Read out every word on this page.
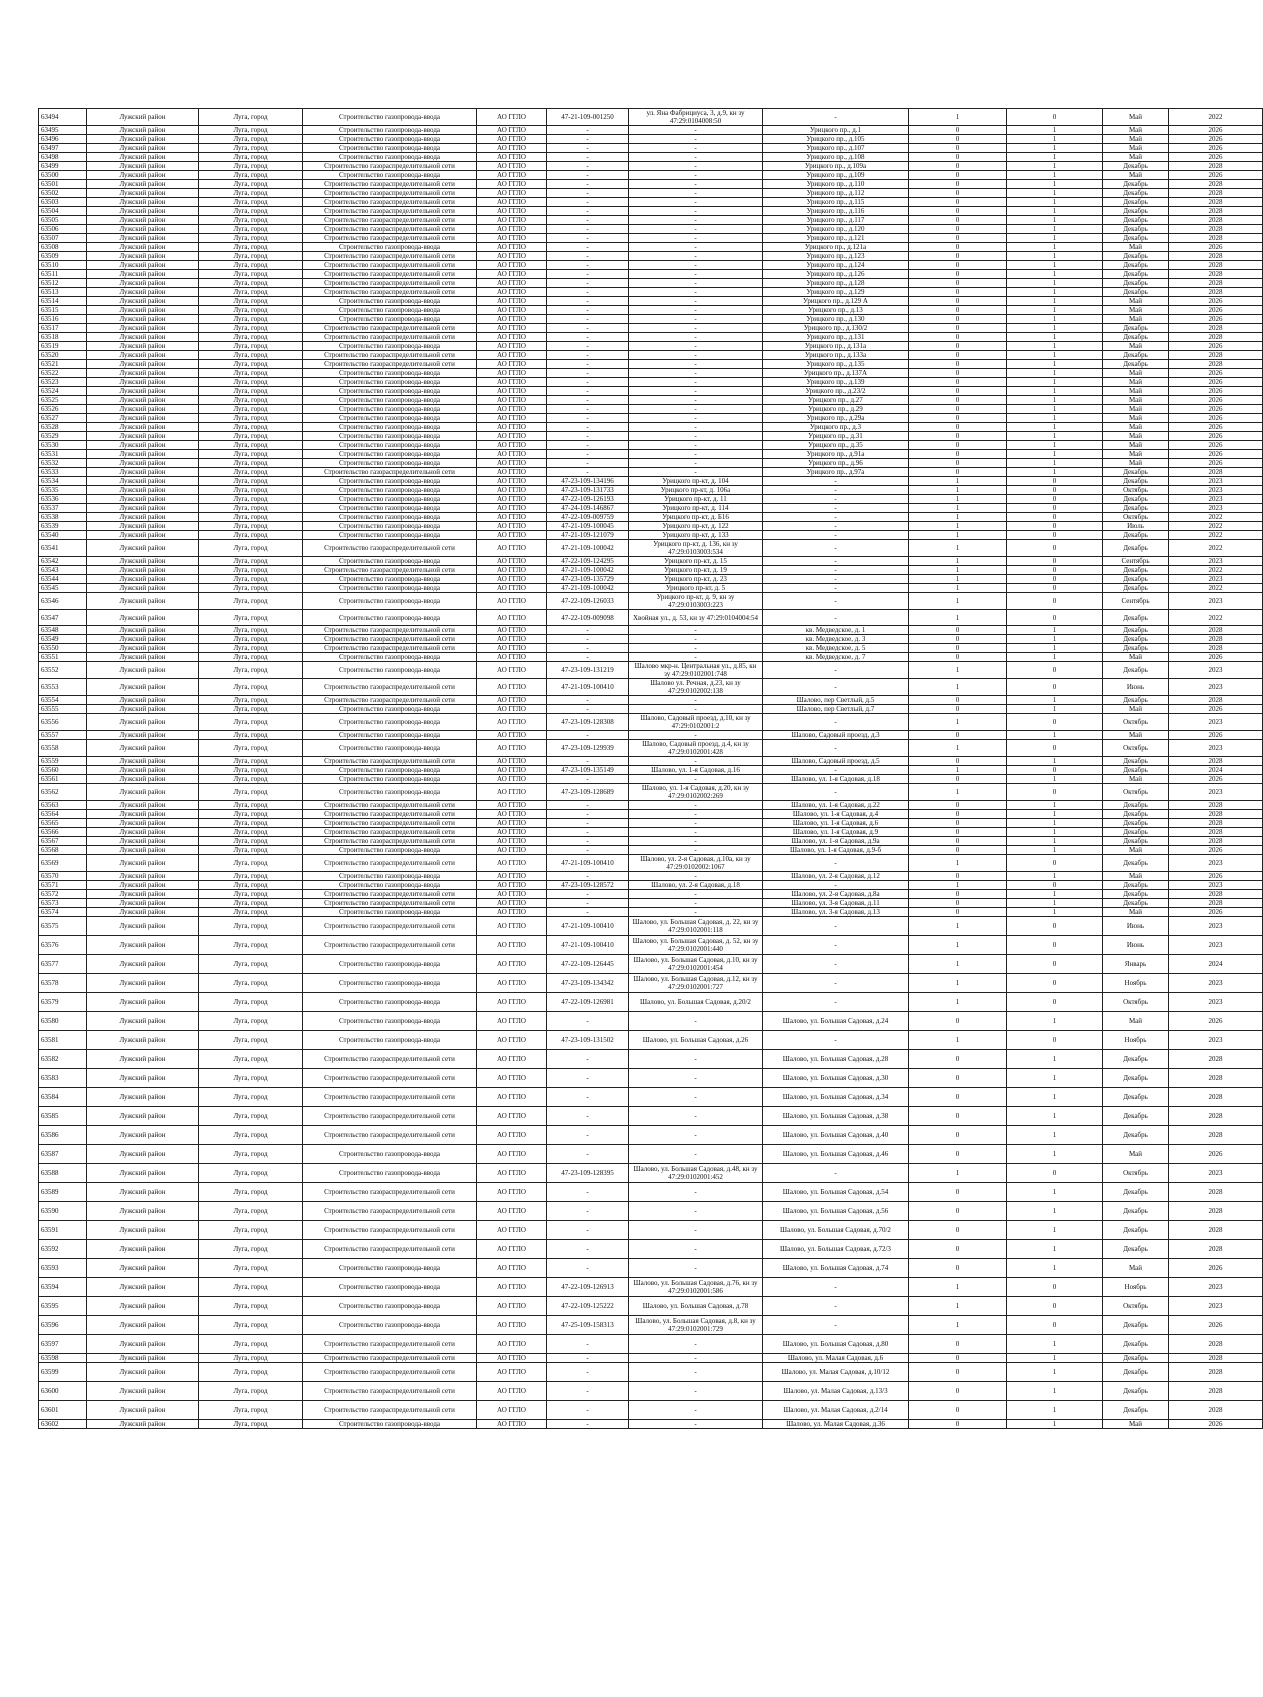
63494	Лужский район	Луга, город	Строительство газопровода-ввода	АО ГГЛО	47-21-109-001250	ул. Яна Фабрициуса, 3, д.9, кн зу 47:29:0104008:50	-	1	0	Май	2022
63495	Лужский район	Луга, город	Строительство газопровода-ввода	АО ГГЛО	-	-	Урицкого пр., д.1	0	1	Май	2026
63496	Лужский район	Луга, город	Строительство газопровода-ввода	АО ГГЛО	-	-	Урицкого пр., д.105	0	1	Май	2026
63497	Лужский район	Луга, город	Строительство газопровода-ввода	АО ГГЛО	-	-	Урицкого пр., д.107	0	1	Май	2026
63498	Лужский район	Луга, город	Строительство газопровода-ввода	АО ГГЛО	-	-	Урицкого пр., д.108	0	1	Май	2026
63499	Лужский район	Луга, город	Строительство газораспределительной сети	АО ГГЛО	-	-	Урицкого пр., д.109а	0	1	Декабрь	2028
63500	Лужский район	Луга, город	Строительство газопровода-ввода	АО ГГЛО	-	-	Урицкого пр., д.109	0	1	Май	2026
63501	Лужский район	Луга, город	Строительство газораспределительной сети	АО ГГЛО	-	-	Урицкого пр., д.110	0	1	Декабрь	2028
63502	Лужский район	Луга, город	Строительство газораспределительной сети	АО ГГЛО	-	-	Урицкого пр., д.112	0	1	Декабрь	2028
63503	Лужский район	Луга, город	Строительство газораспределительной сети	АО ГГЛО	-	-	Урицкого пр., д.115	0	1	Декабрь	2028
63504	Лужский район	Луга, город	Строительство газораспределительной сети	АО ГГЛО	-	-	Урицкого пр., д.116	0	1	Декабрь	2028
63505	Лужский район	Луга, город	Строительство газораспределительной сети	АО ГГЛО	-	-	Урицкого пр., д.117	0	1	Декабрь	2028
63506	Лужский район	Луга, город	Строительство газораспределительной сети	АО ГГЛО	-	-	Урицкого пр., д.120	0	1	Декабрь	2028
63507	Лужский район	Луга, город	Строительство газораспределительной сети	АО ГГЛО	-	-	Урицкого пр., д.121	0	1	Декабрь	2028
63508	Лужский район	Луга, город	Строительство газопровода-ввода	АО ГГЛО	-	-	Урицкого пр., д.121а	0	1	Май	2026
63509	Лужский район	Луга, город	Строительство газораспределительной сети	АО ГГЛО	-	-	Урицкого пр., д.123	0	1	Декабрь	2028
63510	Лужский район	Луга, город	Строительство газораспределительной сети	АО ГГЛО	-	-	Урицкого пр., д.124	0	1	Декабрь	2028
63511	Лужский район	Луга, город	Строительство газораспределительной сети	АО ГГЛО	-	-	Урицкого пр., д.126	0	1	Декабрь	2028
63512	Лужский район	Луга, город	Строительство газораспределительной сети	АО ГГЛО	-	-	Урицкого пр., д.128	0	1	Декабрь	2028
63513	Лужский район	Луга, город	Строительство газораспределительной сети	АО ГГЛО	-	-	Урицкого пр., д.129	0	1	Декабрь	2028
63514	Лужский район	Луга, город	Строительство газопровода-ввода	АО ГГЛО	-	-	Урицкого пр., д.129 А	0	1	Май	2026
63515	Лужский район	Луга, город	Строительство газопровода-ввода	АО ГГЛО	-	-	Урицкого пр., д.13	0	1	Май	2026
63516	Лужский район	Луга, город	Строительство газопровода-ввода	АО ГГЛО	-	-	Урицкого пр., д.130	0	1	Май	2026
63517	Лужский район	Луга, город	Строительство газораспределительной сети	АО ГГЛО	-	-	Урицкого пр., д.130/2	0	1	Декабрь	2028
63518	Лужский район	Луга, город	Строительство газораспределительной сети	АО ГГЛО	-	-	Урицкого пр., д.131	0	1	Декабрь	2028
63519	Лужский район	Луга, город	Строительство газопровода-ввода	АО ГГЛО	-	-	Урицкого пр., д.131а	0	1	Май	2026
63520	Лужский район	Луга, город	Строительство газораспределительной сети	АО ГГЛО	-	-	Урицкого пр., д.133а	0	1	Декабрь	2028
63521	Лужский район	Луга, город	Строительство газораспределительной сети	АО ГГЛО	-	-	Урицкого пр., д.135	0	1	Декабрь	2028
63522	Лужский район	Луга, город	Строительство газопровода-ввода	АО ГГЛО	-	-	Урицкого пр., д.137А	0	1	Май	2026
63523	Лужский район	Луга, город	Строительство газопровода-ввода	АО ГГЛО	-	-	Урицкого пр., д.139	0	1	Май	2026
63524	Лужский район	Луга, город	Строительство газопровода-ввода	АО ГГЛО	-	-	Урицкого пр., д.23/2	0	1	Май	2026
63525	Лужский район	Луга, город	Строительство газопровода-ввода	АО ГГЛО	-	-	Урицкого пр., д.27	0	1	Май	2026
63526	Лужский район	Луга, город	Строительство газопровода-ввода	АО ГГЛО	-	-	Урицкого пр., д.29	0	1	Май	2026
63527	Лужский район	Луга, город	Строительство газопровода-ввода	АО ГГЛО	-	-	Урицкого пр., д.29а	0	1	Май	2026
63528	Лужский район	Луга, город	Строительство газопровода-ввода	АО ГГЛО	-	-	Урицкого пр., д.3	0	1	Май	2026
63529	Лужский район	Луга, город	Строительство газопровода-ввода	АО ГГЛО	-	-	Урицкого пр., д.31	0	1	Май	2026
63530	Лужский район	Луга, город	Строительство газопровода-ввода	АО ГГЛО	-	-	Урицкого пр., д.35	0	1	Май	2026
63531	Лужский район	Луга, город	Строительство газопровода-ввода	АО ГГЛО	-	-	Урицкого пр., д.91а	0	1	Май	2026
63532	Лужский район	Луга, город	Строительство газопровода-ввода	АО ГГЛО	-	-	Урицкого пр., д.96	0	1	Май	2026
63533	Лужский район	Луга, город	Строительство газораспределительной сети	АО ГГЛО	-	-	Урицкого пр., д.97а	0	1	Декабрь	2028
63534	Лужский район	Луга, город	Строительство газопровода-ввода	АО ГГЛО	47-23-109-134196	Урицкого пр-кт, д. 104	-	1	0	Декабрь	2023
63535	Лужский район	Луга, город	Строительство газопровода-ввода	АО ГГЛО	47-23-109-131733	Урицкого пр-кт, д. 106а	-	1	0	Октябрь	2023
63536	Лужский район	Луга, город	Строительство газопровода-ввода	АО ГГЛО	47-22-109-126193	Урицкого пр-кт, д. 11	-	1	0	Декабрь	2023
63537	Лужский район	Луга, город	Строительство газопровода-ввода	АО ГГЛО	47-24-109-146867	Урицкого пр-кт, д. 114	-	1	0	Декабрь	2023
63538	Лужский район	Луга, город	Строительство газопровода-ввода	АО ГГЛО	47-22-109-009759	Урицкого пр-кт, д. Б16	-	1	0	Октябрь	2022
63539	Лужский район	Луга, город	Строительство газопровода-ввода	АО ГГЛО	47-21-109-100045	Урицкого пр-кт, д. 122	-	1	0	Июль	2022
63540	Лужский район	Луга, город	Строительство газопровода-ввода	АО ГГЛО	47-21-109-121079	Урицкого пр-кт, д. 133	-	1	0	Декабрь	2022
63541	Лужский район	Луга, город	Строительство газораспределительной сети	АО ГГЛО	47-21-109-100042	Урицкого пр-кт, д. 136, кн зу 47:29:0103003:534	-	1	0	Декабрь	2022
63542	Лужский район	Луга, город	Строительство газопровода-ввода	АО ГГЛО	47-22-109-124295	Урицкого пр-кт, д. 15	-	1	0	Сентябрь	2023
63543	Лужский район	Луга, город	Строительство газораспределительной сети	АО ГГЛО	47-21-109-100042	Урицкого пр-кт, д. 19	-	1	0	Декабрь	2022
63544	Лужский район	Луга, город	Строительство газопровода-ввода	АО ГГЛО	47-23-109-135729	Урицкого пр-кт, д. 23	-	1	0	Декабрь	2023
63545	Лужский район	Луга, город	Строительство газопровода-ввода	АО ГГЛО	47-21-109-100042	Урицкого пр-кт, д. 5	-	1	0	Декабрь	2022
63546	Лужский район	Луга, город	Строительство газопровода-ввода	АО ГГЛО	47-22-109-126033	Урицкого пр-кт, д. 9, кн зу 47:29:0103003:223	-	1	0	Сентябрь	2023
63547	Лужский район	Луга, город	Строительство газопровода-ввода	АО ГГЛО	47-22-109-009098	Хвойная ул., д. 53, кн зу 47:29:0104004:54	-	1	0	Декабрь	2022
63548	Лужский район	Луга, город	Строительство газораспределительной сети	АО ГГЛО	-	-	кв. Медведское, д. 1	0	1	Декабрь	2028
63549	Лужский район	Луга, город	Строительство газораспределительной сети	АО ГГЛО	-	-	кв. Медведское, д. 3	0	1	Декабрь	2028
63550	Лужский район	Луга, город	Строительство газораспределительной сети	АО ГГЛО	-	-	кв. Медведское, д. 5	0	1	Декабрь	2028
63551	Лужский район	Луга, город	Строительство газопровода-ввода	АО ГГЛО	-	-	кв. Медведское, д. 7	0	1	Май	2026
63552	Лужский район	Луга, город	Строительство газопровода-ввода	АО ГГЛО	47-23-109-131219	Шалово мкр-н. Центральная ул., д.85, кн зу 47:29:0102001:748	-	1	0	Декабрь	2023
63553	Лужский район	Луга, город	Строительство газораспределительной сети	АО ГГЛО	47-21-109-100410	Шалово ул. Речная, д.23, кн зу 47:29:0102002:138	-	1	0	Июнь	2023
63554	Лужский район	Луга, город	Строительство газораспределительной сети	АО ГГЛО	-	-	Шалово, пер Светлый, д.5	0	1	Декабрь	2028
63555	Лужский район	Луга, город	Строительство газопровода-ввода	АО ГГЛО	-	-	Шалово, пер Светлый, д.7	0	1	Май	2026
63556	Лужский район	Луга, город	Строительство газопровода-ввода	АО ГГЛО	47-23-109-128308	Шалово, Садовый проезд, д.10, кн зу 47:29:0102001:2	-	1	0	Октябрь	2023
63557	Лужский район	Луга, город	Строительство газопровода-ввода	АО ГГЛО	-	-	Шалово, Садовый проезд, д.3	0	1	Май	2026
63558	Лужский район	Луга, город	Строительство газопровода-ввода	АО ГГЛО	47-23-109-129939	Шалово, Садовый проезд, д.4, кн зу 47:29:0102001:428	-	1	0	Октябрь	2023
63559	Лужский район	Луга, город	Строительство газораспределительной сети	АО ГГЛО	-	-	Шалово, Садовый проезд, д.5	0	1	Декабрь	2028
63560	Лужский район	Луга, город	Строительство газопровода-ввода	АО ГГЛО	47-23-109-135149	Шалово, ул. 1-я Садовая, д.16	-	1	0	Декабрь	2024
63561	Лужский район	Луга, город	Строительство газопровода-ввода	АО ГГЛО	-	-	Шалово, ул. 1-я Садовая, д.18	0	1	Май	2026
63562	Лужский район	Луга, город	Строительство газопровода-ввода	АО ГГЛО	47-23-109-128689	Шалово, ул. 1-я Садовая, д.20, кн зу 47:29:0102002:269	-	1	0	Октябрь	2023
63563	Лужский район	Луга, город	Строительство газораспределительной сети	АО ГГЛО	-	-	Шалово, ул. 1-я Садовая, д.22	0	1	Декабрь	2028
63564	Лужский район	Луга, город	Строительство газораспределительной сети	АО ГГЛО	-	-	Шалово, ул. 1-я Садовая, д.4	0	1	Декабрь	2028
63565	Лужский район	Луга, город	Строительство газораспределительной сети	АО ГГЛО	-	-	Шалово, ул. 1-я Садовая, д.6	0	1	Декабрь	2028
63566	Лужский район	Луга, город	Строительство газораспределительной сети	АО ГГЛО	-	-	Шалово, ул. 1-я Садовая, д.9	0	1	Декабрь	2028
63567	Лужский район	Луга, город	Строительство газораспределительной сети	АО ГГЛО	-	-	Шалово, ул. 1-я Садовая, д.9а	0	1	Декабрь	2028
63568	Лужский район	Луга, город	Строительство газопровода-ввода	АО ГГЛО	-	-	Шалово, ул. 1-я Садовая, д.9-б	0	1	Май	2026
63569	Лужский район	Луга, город	Строительство газораспределительной сети	АО ГГЛО	47-21-109-100410	Шалово, ул. 2-я Садовая, д.10а, кн зу 47:29:0102002:1067	-	1	0	Декабрь	2023
63570	Лужский район	Луга, город	Строительство газопровода-ввода	АО ГГЛО	-	-	Шалово, ул. 2-я Садовая, д.12	0	1	Май	2026
63571	Лужский район	Луга, город	Строительство газопровода-ввода	АО ГГЛО	47-23-109-128572	Шалово, ул. 2-я Садовая, д.18	-	1	0	Декабрь	2023
63572	Лужский район	Луга, город	Строительство газораспределительной сети	АО ГГЛО	-	-	Шалово, ул. 2-я Садовая, д.8а	0	1	Декабрь	2028
63573	Лужский район	Луга, город	Строительство газораспределительной сети	АО ГГЛО	-	-	Шалово, ул. 3-я Садовая, д.11	0	1	Декабрь	2028
63574	Лужский район	Луга, город	Строительство газопровода-ввода	АО ГГЛО	-	-	Шалово, ул. 3-я Садовая, д.13	0	1	Май	2026
63575	Лужский район	Луга, город	Строительство газораспределительной сети	АО ГГЛО	47-21-109-100410	Шалово, ул. Большая Садовая, д. 22, кн зу 47:29:0102001:118	-	1	0	Июнь	2023
63576	Лужский район	Луга, город	Строительство газораспределительной сети	АО ГГЛО	47-21-109-100410	Шалово, ул. Большая Садовая, д. 52, кн зу 47:29:0102001:440	-	1	0	Июнь	2023
63577	Лужский район	Луга, город	Строительство газопровода-ввода	АО ГГЛО	47-22-109-126445	Шалово, ул. Большая Садовая, д.10, кн зу 47:29:0102001:454	-	1	0	Январь	2024
63578	Лужский район	Луга, город	Строительство газопровода-ввода	АО ГГЛО	47-23-109-134342	Шалово, ул. Большая Садовая, д.12, кн зу 47:29:0102001:727	-	1	0	Ноябрь	2023
63579	Лужский район	Луга, город	Строительство газопровода-ввода	АО ГГЛО	47-22-109-126981	Шалово, ул. Большая Садовая, д.20/2	-	1	0	Октябрь	2023
63580	Лужский район	Луга, город	Строительство газопровода-ввода	АО ГГЛО	-	-	Шалово, ул. Большая Садовая, д.24	0	1	Май	2026
63581	Лужский район	Луга, город	Строительство газопровода-ввода	АО ГГЛО	47-23-109-131502	Шалово, ул. Большая Садовая, д.26	-	1	0	Ноябрь	2023
63582	Лужский район	Луга, город	Строительство газораспределительной сети	АО ГГЛО	-	-	Шалово, ул. Большая Садовая, д.28	0	1	Декабрь	2028
63583	Лужский район	Луга, город	Строительство газораспределительной сети	АО ГГЛО	-	-	Шалово, ул. Большая Садовая, д.30	0	1	Декабрь	2028
63584	Лужский район	Луга, город	Строительство газораспределительной сети	АО ГГЛО	-	-	Шалово, ул. Большая Садовая, д.34	0	1	Декабрь	2028
63585	Лужский район	Луга, город	Строительство газораспределительной сети	АО ГГЛО	-	-	Шалово, ул. Большая Садовая, д.38	0	1	Декабрь	2028
63586	Лужский район	Луга, город	Строительство газораспределительной сети	АО ГГЛО	-	-	Шалово, ул. Большая Садовая, д.40	0	1	Декабрь	2028
63587	Лужский район	Луга, город	Строительство газопровода-ввода	АО ГГЛО	-	-	Шалово, ул. Большая Садовая, д.46	0	1	Май	2026
63588	Лужский район	Луга, город	Строительство газопровода-ввода	АО ГГЛО	47-23-109-128395	Шалово, ул. Большая Садовая, д.48, кн зу 47:29:0102001:452	-	1	0	Октябрь	2023
63589	Лужский район	Луга, город	Строительство газораспределительной сети	АО ГГЛО	-	-	Шалово, ул. Большая Садовая, д.54	0	1	Декабрь	2028
63590	Лужский район	Луга, город	Строительство газораспределительной сети	АО ГГЛО	-	-	Шалово, ул. Большая Садовая, д.56	0	1	Декабрь	2028
63591	Лужский район	Луга, город	Строительство газораспределительной сети	АО ГГЛО	-	-	Шалово, ул. Большая Садовая, д.70/2	0	1	Декабрь	2028
63592	Лужский район	Луга, город	Строительство газораспределительной сети	АО ГГЛО	-	-	Шалово, ул. Большая Садовая, д.72/3	0	1	Декабрь	2028
63593	Лужский район	Луга, город	Строительство газопровода-ввода	АО ГГЛО	-	-	Шалово, ул. Большая Садовая, д.74	0	1	Май	2026
63594	Лужский район	Луга, город	Строительство газопровода-ввода	АО ГГЛО	47-22-109-126913	Шалово, ул. Большая Садовая, д.76, кн зу 47:29:0102001:586	-	1	0	Ноябрь	2023
63595	Лужский район	Луга, город	Строительство газопровода-ввода	АО ГГЛО	47-22-109-125222	Шалово, ул. Большая Садовая, д.78	-	1	0	Октябрь	2023
63596	Лужский район	Луга, город	Строительство газопровода-ввода	АО ГГЛО	47-25-109-158313	Шалово, ул. Большая Садовая, д.8, кн зу 47:29:0102001:729	-	1	0	Декабрь	2026
63597	Лужский район	Луга, город	Строительство газораспределительной сети	АО ГГЛО	-	-	Шалово, ул. Большая Садовая, д.80	0	1	Декабрь	2028
63598	Лужский район	Луга, город	Строительство газораспределительной сети	АО ГГЛО	-	-	Шалово, ул. Малая Садовая, д.6	0	1	Декабрь	2028
63599	Лужский район	Луга, город	Строительство газораспределительной сети	АО ГГЛО	-	-	Шалово, ул. Малая Садовая, д.10/12	0	1	Декабрь	2028
63600	Лужский район	Луга, город	Строительство газораспределительной сети	АО ГГЛО	-	-	Шалово, ул. Малая Садовая, д.13/3	0	1	Декабрь	2028
63601	Лужский район	Луга, город	Строительство газораспределительной сети	АО ГГЛО	-	-	Шалово, ул. Малая Садовая, д.2/14	0	1	Декабрь	2028
63602	Лужский район	Луга, город	Строительство газопровода-ввода	АО ГГЛО	-	-	Шалово, ул. Малая Садовая, д.36	0	1	Май	2026
